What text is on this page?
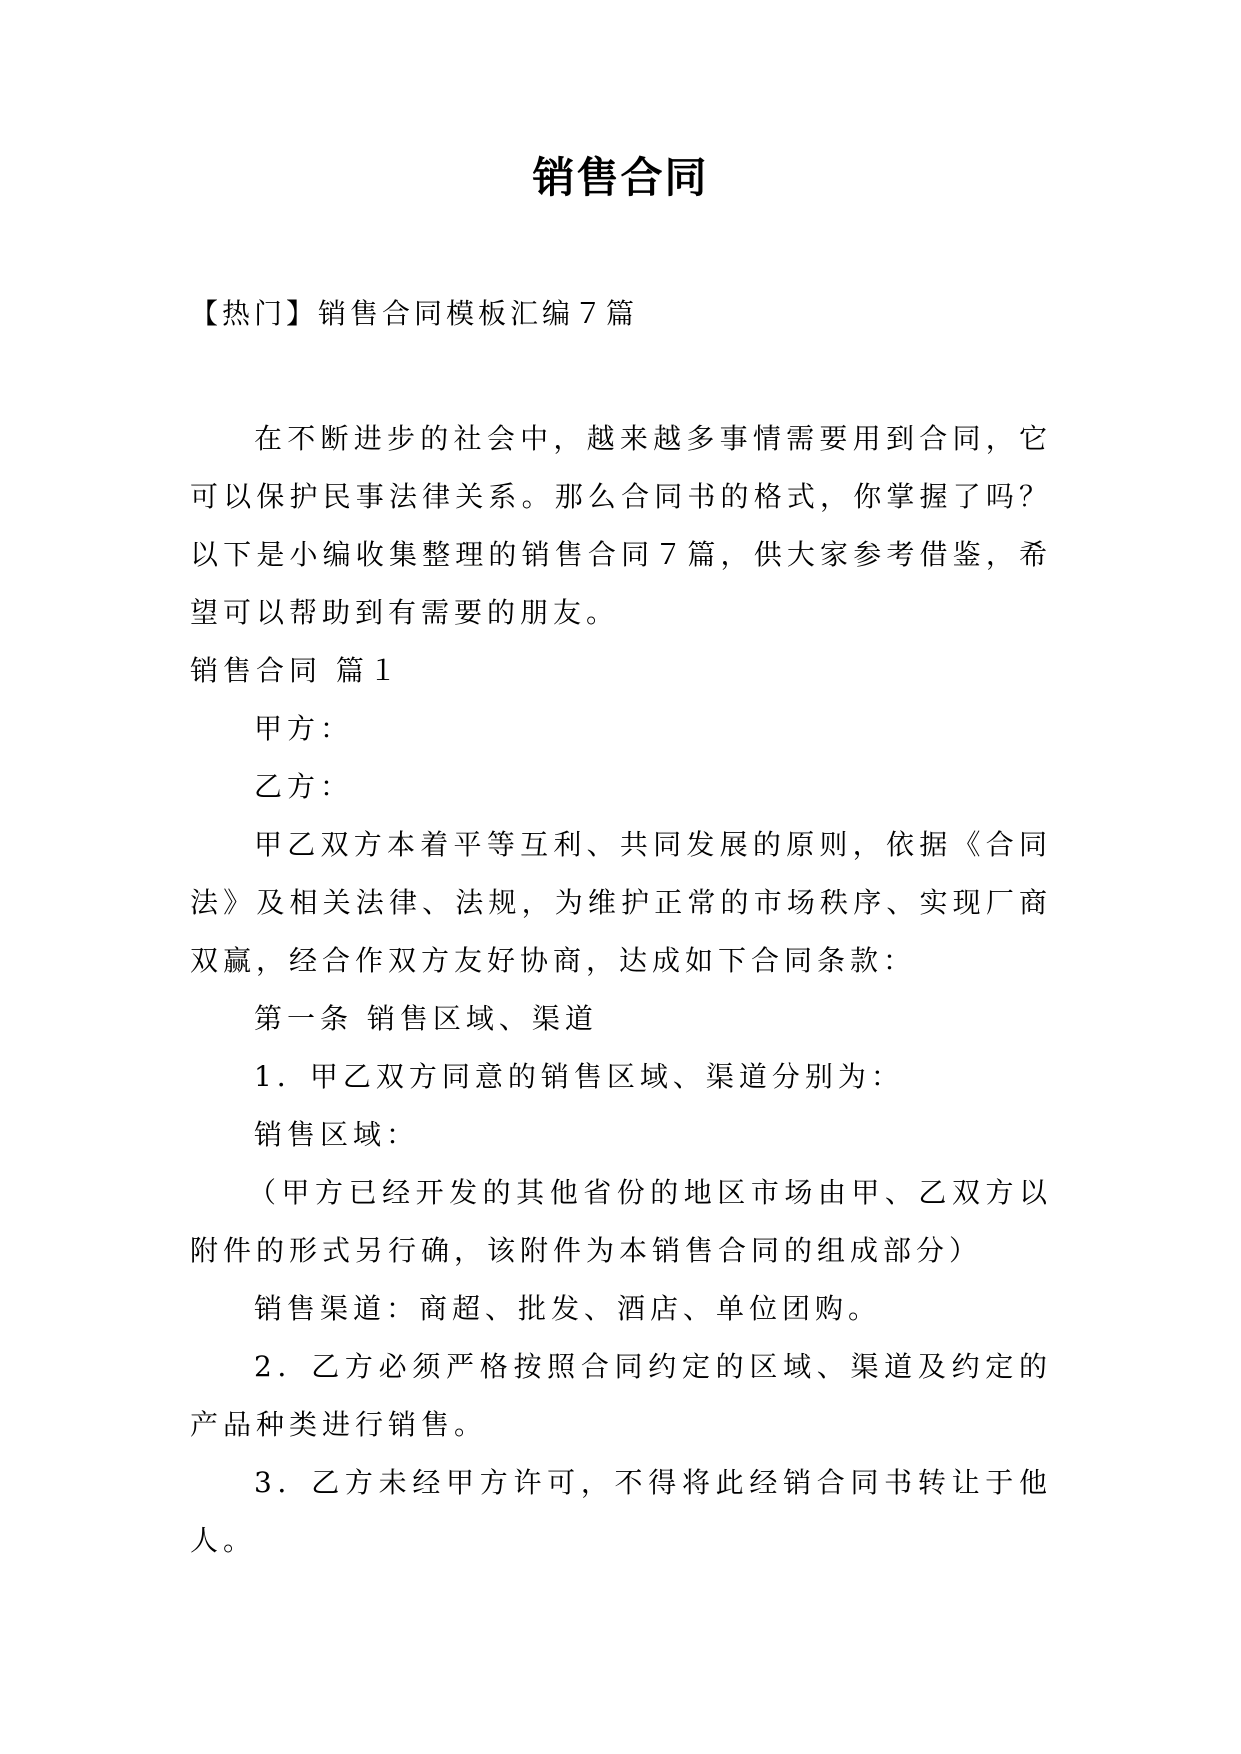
销售合同
【热门】销售合同模板汇编７篇

在不断进步的社会中，越来越多事情需要用到合同，它可以保护民事法律关系。那么合同书的格式，你掌握了吗？以下是小编收集整理的销售合同７篇，供大家参考借鉴，希望可以帮助到有需要的朋友。

销售合同 篇１

甲方：

乙方：

甲乙双方本着平等互利、共同发展的原则，依据《合同法》及相关法律、法规，为维护正常的市场秩序、实现厂商双赢，经合作双方友好协商，达成如下合同条款：

第一条 销售区域、渠道

1．甲乙双方同意的销售区域、渠道分别为：

销售区域：

（甲方已经开发的其他省份的地区市场由甲、乙双方以附件的形式另行确，该附件为本销售合同的组成部分）

销售渠道：商超、批发、酒店、单位团购。

2．乙方必须严格按照合同约定的区域、渠道及约定的产品种类进行销售。

3．乙方未经甲方许可，不得将此经销合同书转让于他人。
